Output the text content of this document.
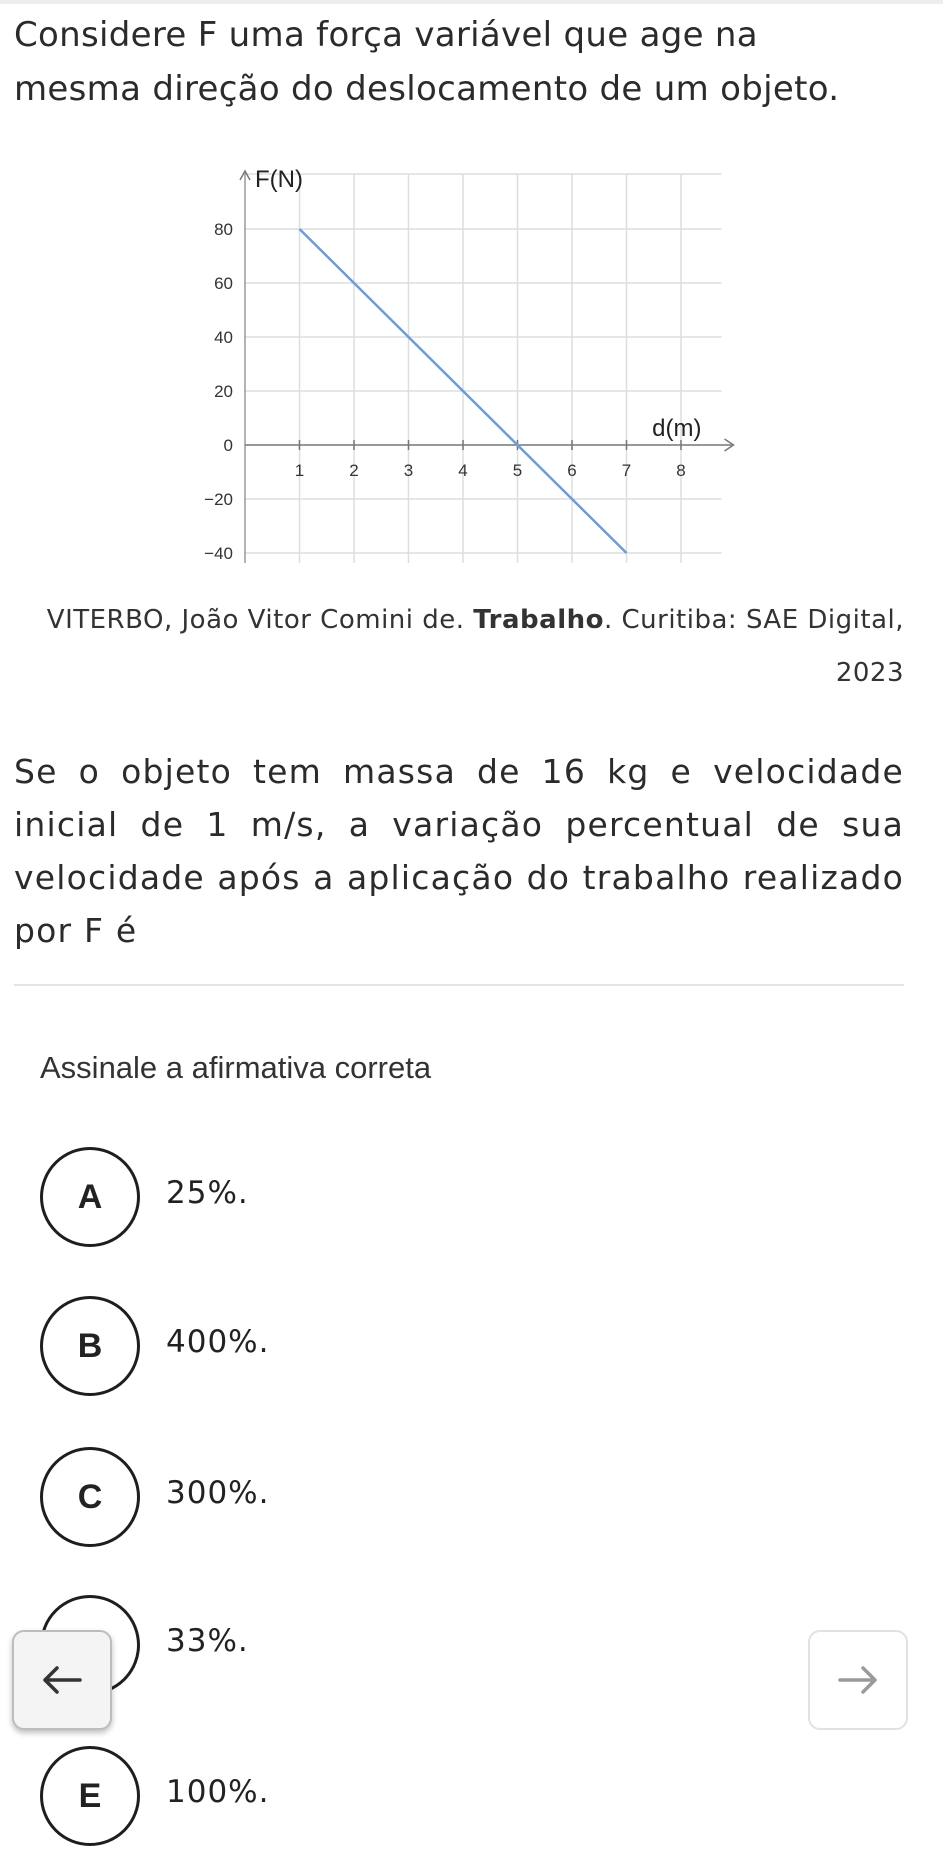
Considere F uma força variável que age na mesma direção do deslocamento de um objeto.
1	2	3	4	5	6	7	8
80
60
40
20
0
−20
−40
F(N)
d(m)
VITERBO, João Vitor Comini de. Trabalho. Curitiba: SAE Digital, 2023
Se o objeto tem massa de 16 kg e velocidade inicial de 1 m/s, a variação percentual de sua velocidade após a aplicação do trabalho realizado por F é
Assinale a afirmativa correta
A	25%.
B	400%.
C	300%.
33%.
E	100%.
